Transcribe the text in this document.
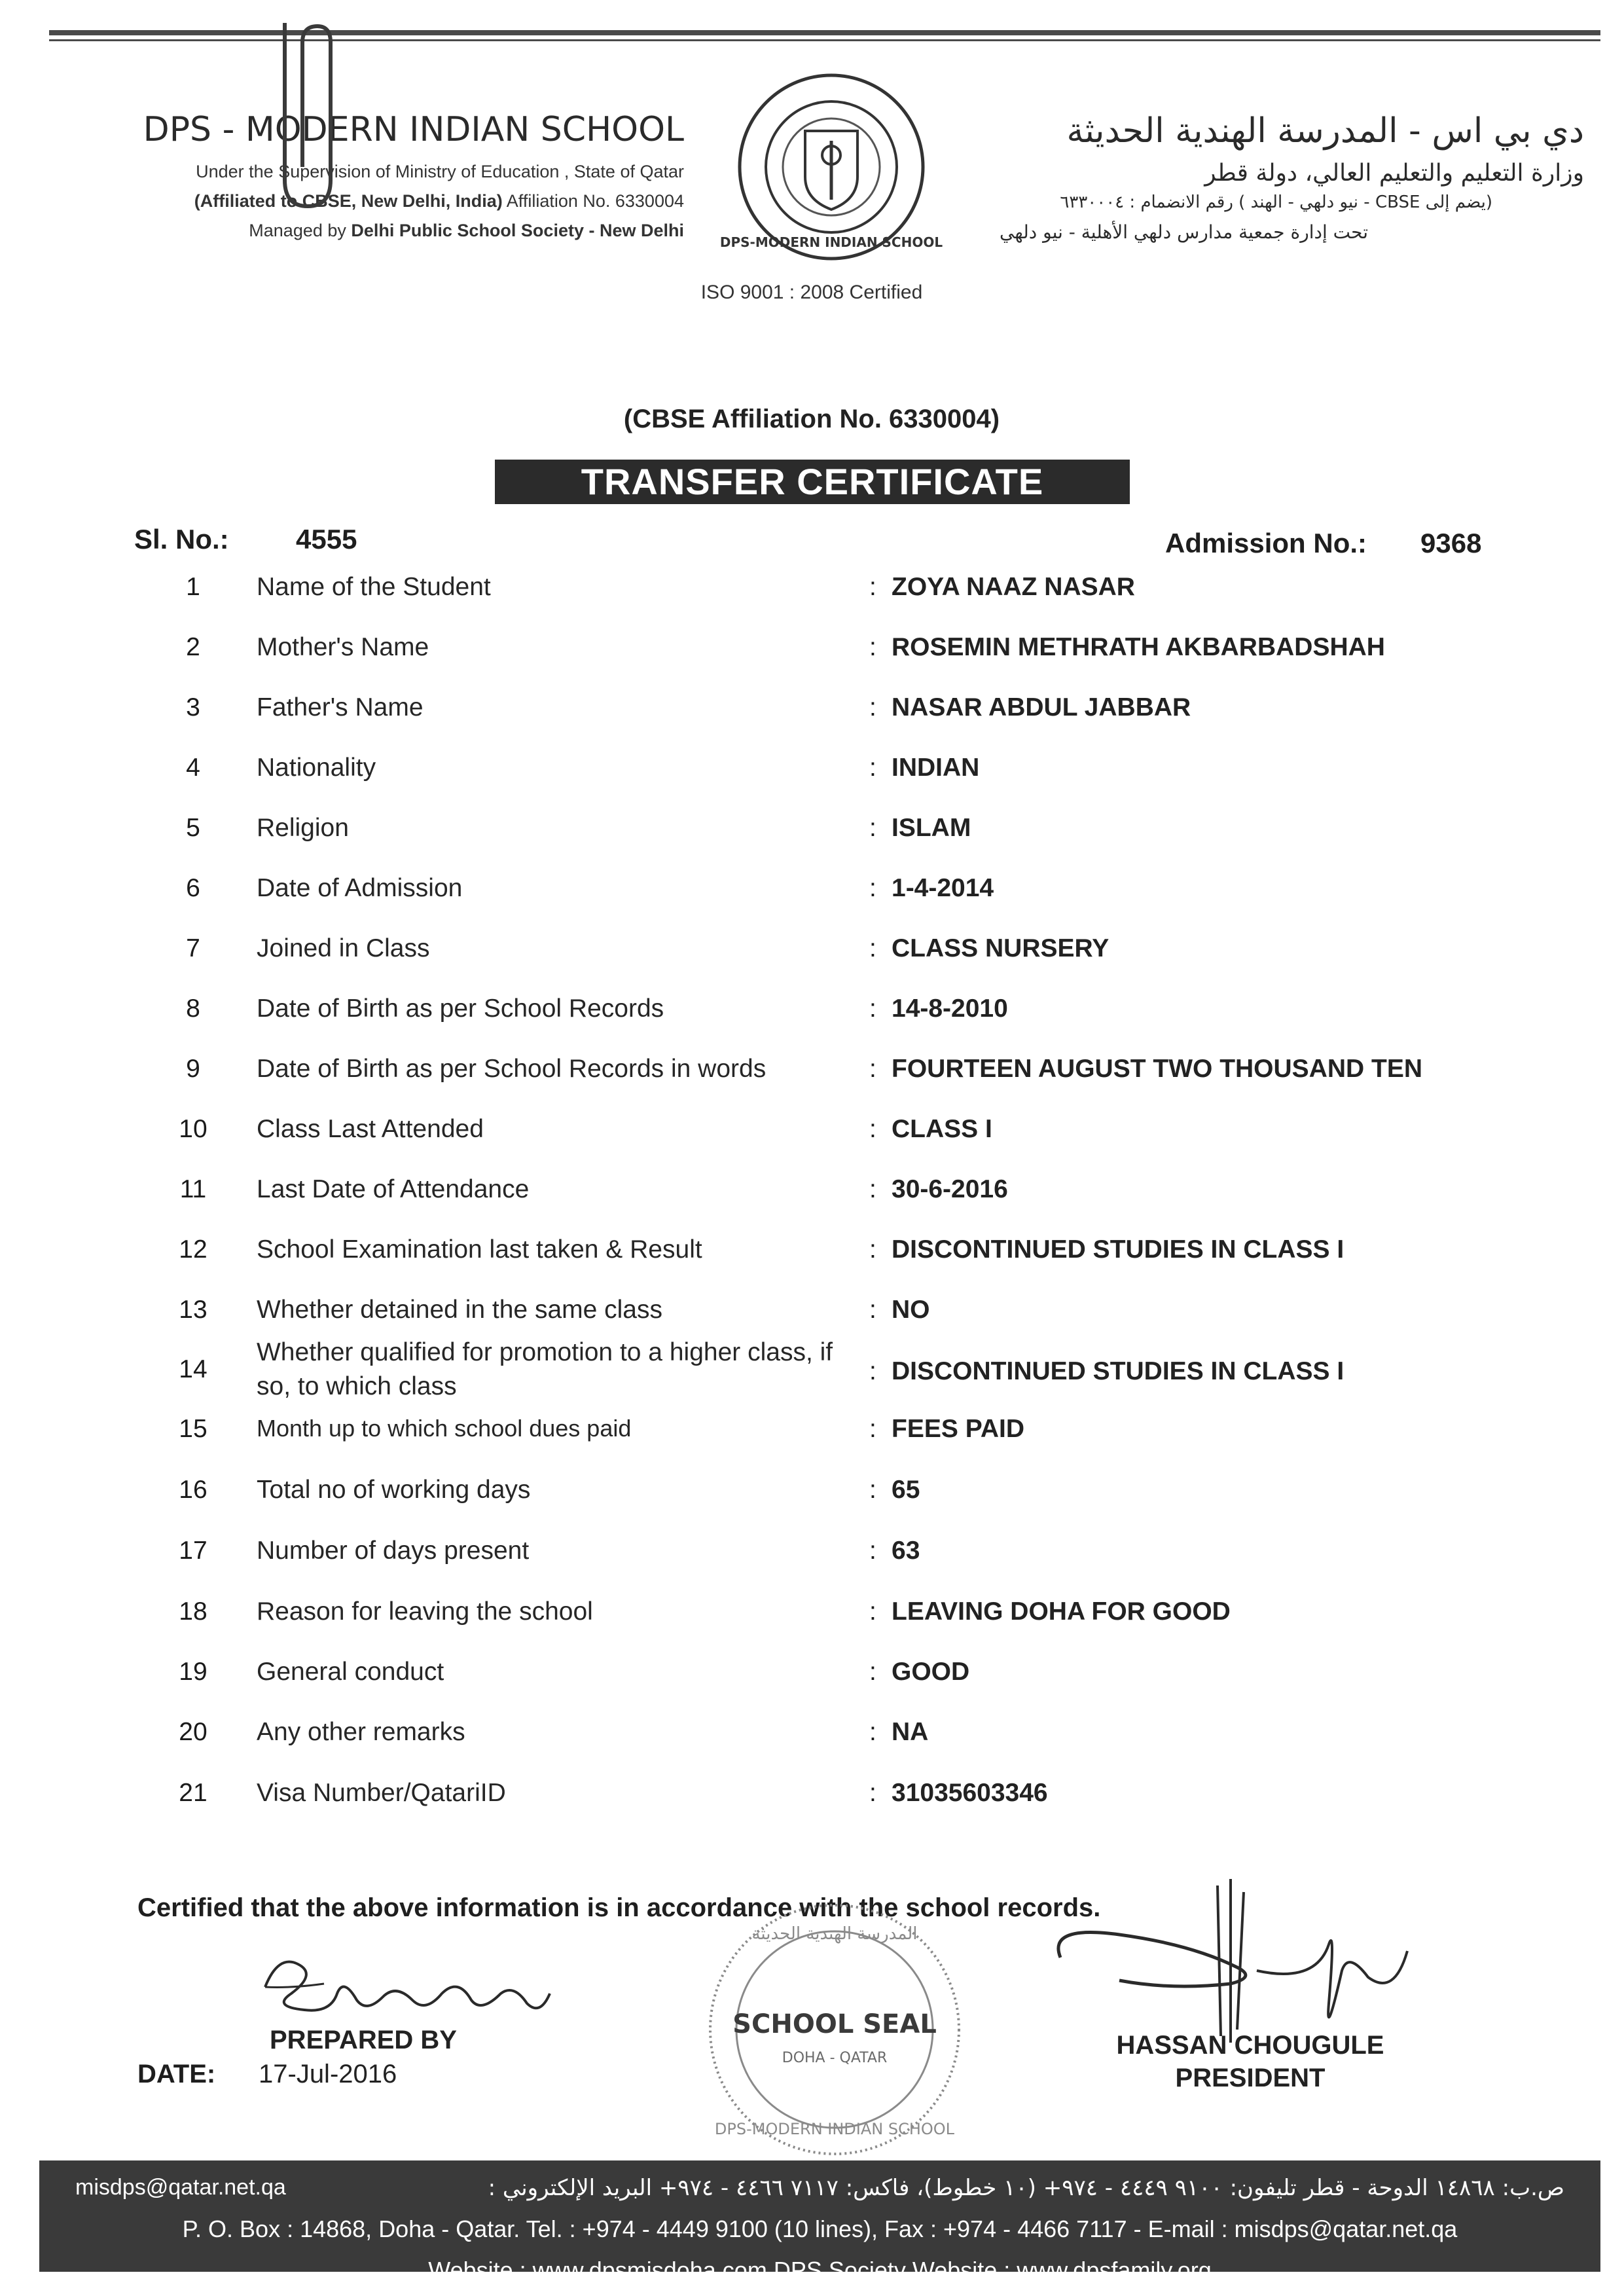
DPS - MODERN INDIAN SCHOOL
Under the Supervision of Ministry of Education , State of Qatar
(Affiliated to CBSE, New Delhi, India) Affiliation No. 6330004
Managed by Delhi Public School Society - New Delhi
DPS-MODERN INDIAN SCHOOL
دي بي اس - المدرسة الهندية الحديثة
وزارة التعليم والتعليم العالي، دولة قطر
(يضم إلى CBSE - نيو دلهي - الهند ) رقم الانضمام : ٦٣٣٠٠٠٤
تحت إدارة جمعية مدارس دلهي الأهلية - نيو دلهي
ISO 9001 : 2008 Certified
(CBSE Affiliation No. 6330004)
TRANSFER CERTIFICATE
Sl. No.: 4555	Admission No.: 9368
1	Name of the Student	: ZOYA NAAZ NASAR
2	Mother's Name	: ROSEMIN METHRATH AKBARBADSHAH
3	Father's Name	: NASAR ABDUL JABBAR
4	Nationality	: INDIAN
5	Religion	: ISLAM
6	Date of Admission	: 1-4-2014
7	Joined in Class	: CLASS NURSERY
8	Date of Birth as per School Records	: 14-8-2010
9	Date of Birth as per School Records in words	: FOURTEEN AUGUST TWO THOUSAND TEN
10 Class Last Attended	: CLASS I
11 Last Date of Attendance	: 30-6-2016
12 School Examination last taken & Result	: DISCONTINUED STUDIES IN CLASS I
13 Whether detained in the same class	: NO
14
Whether qualified for promotion to a higher class, if so, to which class
: DISCONTINUED STUDIES IN CLASS I
15 Month up to which school dues paid	: FEES PAID
16 Total no of working days	: 65
17 Number of days present	: 63
18 Reason for leaving the school	: LEAVING DOHA FOR GOOD
19 General conduct	: GOOD
20 Any other remarks	: NA
21 Visa Number/QatariID	: 31035603346
Certified that the above information is in accordance with the school records.
PREPARED BY
DATE: 17-Jul-2016
SCHOOL SEAL
DOHA - QATAR
DPS-MODERN INDIAN SCHOOL
المدرسة الهندية الحديثة
HASSAN CHOUGULE
PRESIDENT
misdps@qatar.net.qa	ص.ب: ١٤٨٦٨ الدوحة - قطر تليفون: ٩١٠٠ ٤٤٤٩ - ٩٧٤+ (١٠ خطوط)، فاكس: ٧١١٧ ٤٤٦٦ - ٩٧٤+ البريد الإلكتروني :
P. O. Box : 14868, Doha - Qatar. Tel. : +974 - 4449 9100 (10 lines), Fax : +974 - 4466 7117 - E-mail : misdps@qatar.net.qa
Website : www.dpsmisdoha.com DPS Society Website : www.dpsfamily.org
